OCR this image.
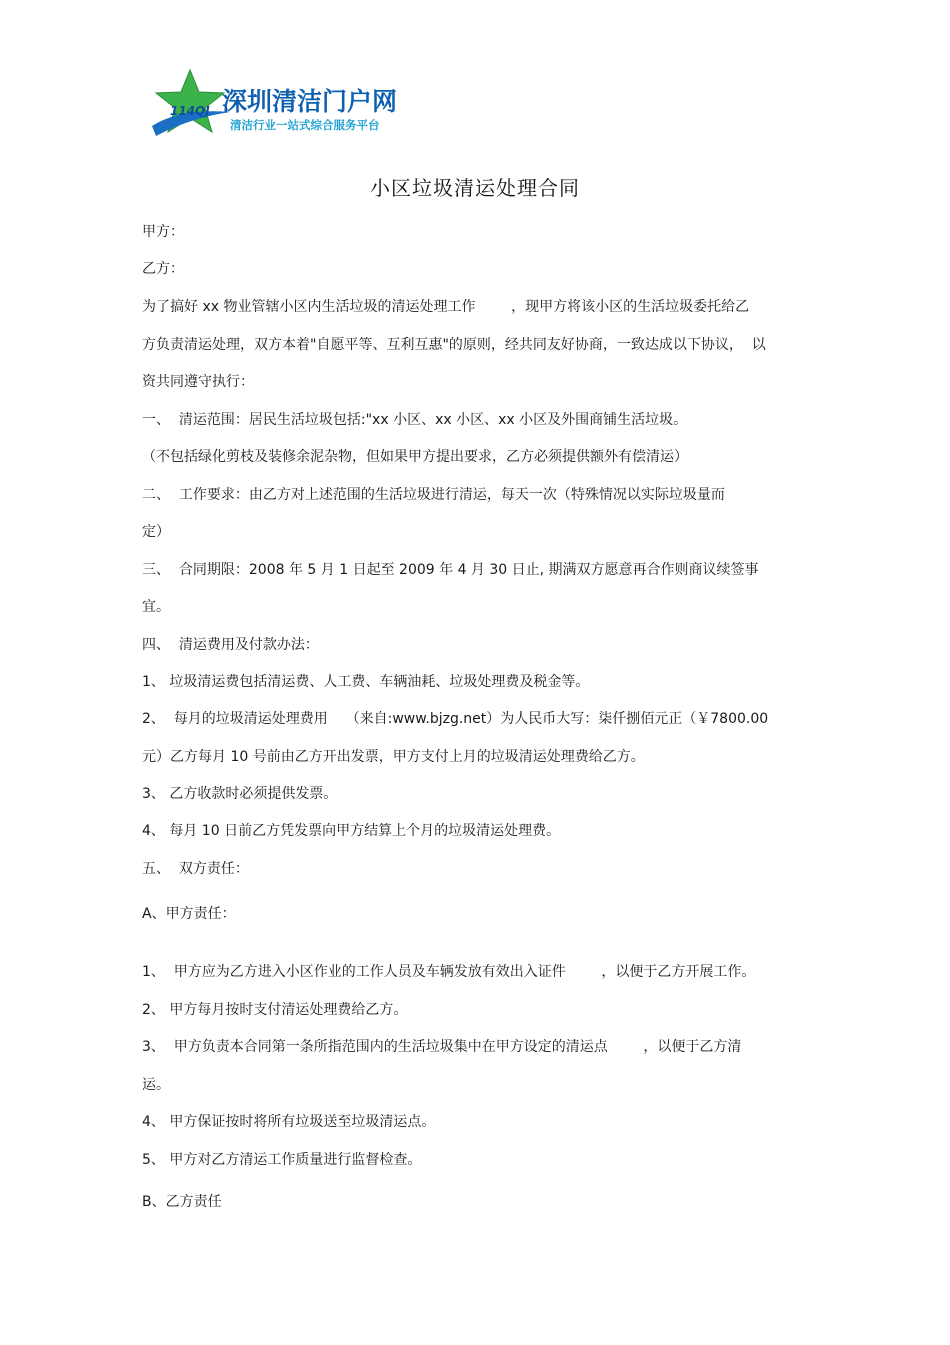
114QJ 深圳清洁门户网
清洁行业一站式综合服务平台
小区垃圾清运处理合同
甲方：
乙方：
为了搞好 xx 物业管辖小区内生活垃圾的清运处理工作        ，现甲方将该小区的生活垃圾委托给乙
方负责清运处理，双方本着"自愿平等、互利互惠"的原则，经共同友好协商，一致达成以下协议，  以
资共同遵守执行：
一、  清运范围：居民生活垃圾包括:"xx 小区、xx 小区、xx 小区及外围商铺生活垃圾。
（不包括绿化剪枝及装修余泥杂物，但如果甲方提出要求，乙方必须提供额外有偿清运）
二、  工作要求：由乙方对上述范围的生活垃圾进行清运，每天一次（特殊情况以实际垃圾量而
定）
三、  合同期限：2008 年 5 月 1 日起至 2009 年 4 月 30 日止, 期满双方愿意再合作则商议续签事
宜。
四、  清运费用及付款办法：
1、 垃圾清运费包括清运费、人工费、车辆油耗、垃圾处理费及税金等。
2、  每月的垃圾清运处理费用    （来自:www.bjzg.net）为人民币大写：柒仟捌佰元正（￥7800.00
元）乙方每月 10 号前由乙方开出发票，甲方支付上月的垃圾清运处理费给乙方。
3、 乙方收款时必须提供发票。
4、 每月 10 日前乙方凭发票向甲方结算上个月的垃圾清运处理费。
五、  双方责任：
A、甲方责任：
1、  甲方应为乙方进入小区作业的工作人员及车辆发放有效出入证件        ，以便于乙方开展工作。
2、 甲方每月按时支付清运处理费给乙方。
3、  甲方负责本合同第一条所指范围内的生活垃圾集中在甲方设定的清运点        ，以便于乙方清
运。
4、 甲方保证按时将所有垃圾送至垃圾清运点。
5、 甲方对乙方清运工作质量进行监督检查。
B、乙方责任
